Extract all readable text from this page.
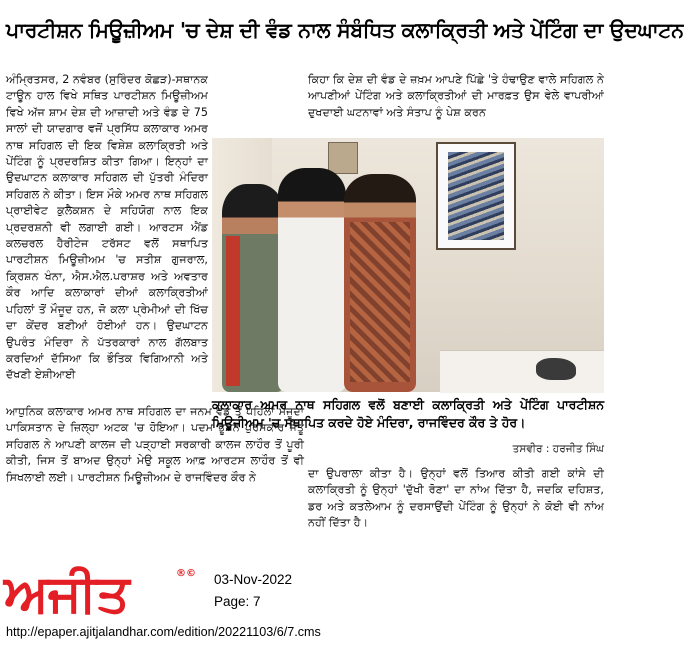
ਪਾਰਟੀਸ਼ਨ ਮਿਊਜ਼ੀਅਮ 'ਚ ਦੇਸ਼ ਦੀ ਵੰਡ ਨਾਲ ਸੰਬੰਧਿਤ ਕਲਾਕ੍ਰਿਤੀ ਅਤੇ ਪੇਂਟਿੰਗ ਦਾ ਉਦਘਾਟਨ

ਅੰਮ੍ਰਿਤਸਰ, 2 ਨਵੰਬਰ (ਸੁਰਿੰਦਰ ਕੋਛੜ)-ਸਥਾਨਕ ਟਾਊਨ ਹਾਲ ਵਿਖੇ ਸਥਿਤ ਪਾਰਟੀਸ਼ਨ ਮਿਊਜ਼ੀਅਮ ਵਿਖੇ ਅੱਜ ਸ਼ਾਮ ਦੇਸ਼ ਦੀ ਆਜ਼ਾਦੀ ਅਤੇ ਵੰਡ ਦੇ 75 ਸਾਲਾਂ ਦੀ ਯਾਦਗਾਰ ਵਜੋਂ ਪ੍ਰਸਿੱਧ ਕਲਾਕਾਰ ਅਮਰ ਨਾਥ ਸਹਿਗਲ ਦੀ ਇਕ ਵਿਸ਼ੇਸ਼ ਕਲਾਕ੍ਰਿਤੀ ਅਤੇ ਪੇਂਟਿੰਗ ਨੂੰ ਪ੍ਰਦਰਸ਼ਿਤ ਕੀਤਾ ਗਿਆ। ਇਨ੍ਹਾਂ ਦਾ ਉਦਘਾਟਨ ਕਲਾਕਾਰ ਸਹਿਗਲ ਦੀ ਪੁੱਤਰੀ ਮੰਦਿਰਾ ਸਹਿਗਲ ਨੇ ਕੀਤਾ। ਇਸ ਮੌਕੇ ਅਮਰ ਨਾਥ ਸਹਿਗਲ ਪ੍ਰਾਈਵੇਟ ਕੁਲੈਕਸ਼ਨ ਦੇ ਸਹਿਯੋਗ ਨਾਲ ਇਕ ਪ੍ਰਦਰਸ਼ਨੀ ਵੀ ਲਗਾਈ ਗਈ। ਆਰਟਸ ਐਂਡ ਕਲਚਰਲ ਹੈਰੀਟੇਜ ਟਰੱਸਟ ਵਲੋਂ ਸਥਾਪਿਤ ਪਾਰਟੀਸ਼ਨ ਮਿਊਜ਼ੀਅਮ 'ਚ ਸਤੀਸ਼ ਗੁਜਰਾਲ, ਕ੍ਰਿਸ਼ਨ ਖੰਨਾ, ਐਸ.ਐਲ.ਪਰਾਸ਼ਰ ਅਤੇ ਅਵਤਾਰ ਕੌਰ ਆਦਿ ਕਲਾਕਾਰਾਂ ਦੀਆਂ ਕਲਾਕ੍ਰਿਤੀਆਂ ਪਹਿਲਾਂ ਤੋਂ ਮੌਜੂਦ ਹਨ, ਜੋ ਕਲਾ ਪ੍ਰੇਮੀਆਂ ਦੀ ਖਿੱਚ ਦਾ ਕੇਂਦਰ ਬਣੀਆਂ ਹੋਈਆਂ ਹਨ। ਉਦਘਾਟਨ ਉਪਰੰਤ ਮੰਦਿਰਾ ਨੇ ਪੱਤਰਕਾਰਾਂ ਨਾਲ ਗੱਲਬਾਤ ਕਰਦਿਆਂ ਦੱਸਿਆ ਕਿ ਭੌਤਿਕ ਵਿਗਿਆਨੀ ਅਤੇ ਦੱਖਣੀ ਏਸ਼ੀਆਈ

ਕਿਹਾ ਕਿ ਦੇਸ਼ ਦੀ ਵੰਡ ਦੇ ਜ਼ਖ਼ਮ ਆਪਣੇ ਪਿੱਛੇ 'ਤੇ ਹੰਢਾਉਣ ਵਾਲੇ ਸਹਿਗਲ ਨੇ ਆਪਣੀਆਂ ਪੇਂਟਿੰਗ ਅਤੇ ਕਲਾਕ੍ਰਿਤੀਆਂ ਦੀ ਮਾਰਫ਼ਤ ਉਸ ਵੇਲੇ ਵਾਪਰੀਆਂ ਦੁਖਦਾਈ ਘਟਨਾਵਾਂ ਅਤੇ ਸੰਤਾਪ ਨੂੰ ਪੇਸ਼ ਕਰਨ

ਕਲਾਕਾਰ ਅਮਰ ਨਾਥ ਸਹਿਗਲ ਵਲੋਂ ਬਣਾਈ ਕਲਾਕ੍ਰਿਤੀ ਅਤੇ ਪੇਂਟਿੰਗ ਪਾਰਟੀਸ਼ਨ ਮਿਊਜ਼ੀਅਮ 'ਚ ਸਥਾਪਿਤ ਕਰਦੇ ਹੋਏ ਮੰਦਿਰਾ, ਰਾਜਵਿੰਦਰ ਕੌਰ ਤੇ ਹੋਰ।
ਤਸਵੀਰ : ਹਰਜੀਤ ਸਿੰਘ

ਆਧੁਨਿਕ ਕਲਾਕਾਰ ਅਮਰ ਨਾਥ ਸਹਿਗਲ ਦਾ ਜਨਮ ਵੰਡ ਤੋਂ ਪਹਿਲਾਂ ਮੌਜੂਦਾ ਪਾਕਿਸਤਾਨ ਦੇ ਜ਼ਿਲ੍ਹਾ ਅਟਕ 'ਚ ਹੋਇਆ। ਪਦਮ ਭੂਸ਼ਨ ਪੁਰਸਕਾਰ ਜੇਤੂ ਸਹਿਗਲ ਨੇ ਆਪਣੀ ਕਾਲਜ ਦੀ ਪੜ੍ਹਾਈ ਸਰਕਾਰੀ ਕਾਲਜ ਲਾਹੌਰ ਤੋਂ ਪੂਰੀ ਕੀਤੀ, ਜਿਸ ਤੋਂ ਬਾਅਦ ਉਨ੍ਹਾਂ ਮੇਉ ਸਕੂਲ ਆਫ਼ ਆਰਟਸ ਲਾਹੌਰ ਤੋਂ ਵੀ ਸਿਖਲਾਈ ਲਈ। ਪਾਰਟੀਸ਼ਨ ਮਿਊਜ਼ੀਅਮ ਦੇ ਰਾਜਵਿੰਦਰ ਕੌਰ ਨੇ	ਦਾ ਉਪਰਾਲਾ ਕੀਤਾ ਹੈ। ਉਨ੍ਹਾਂ ਵਲੋਂ ਤਿਆਰ ਕੀਤੀ ਗਈ ਕਾਂਸੇ ਦੀ ਕਲਾਕ੍ਰਿਤੀ ਨੂੰ ਉਨ੍ਹਾਂ 'ਦੁੱਖੀ ਰੋਣਾ' ਦਾ ਨਾਂਅ ਦਿੱਤਾ ਹੈ, ਜਦਕਿ ਦਹਿਸ਼ਤ, ਡਰ ਅਤੇ ਕਤਲੇਆਮ ਨੂੰ ਦਰਸਾਉਂਦੀ ਪੇਂਟਿੰਗ ਨੂੰ ਉਨ੍ਹਾਂ ਨੇ ਕੋਈ ਵੀ ਨਾਂਅ ਨਹੀਂ ਦਿੱਤਾ ਹੈ।

ਅਜੀਤ	®© 03-Nov-2022
Page: 7
http://epaper.ajitjalandhar.com/edition/20221103/6/7.cms
